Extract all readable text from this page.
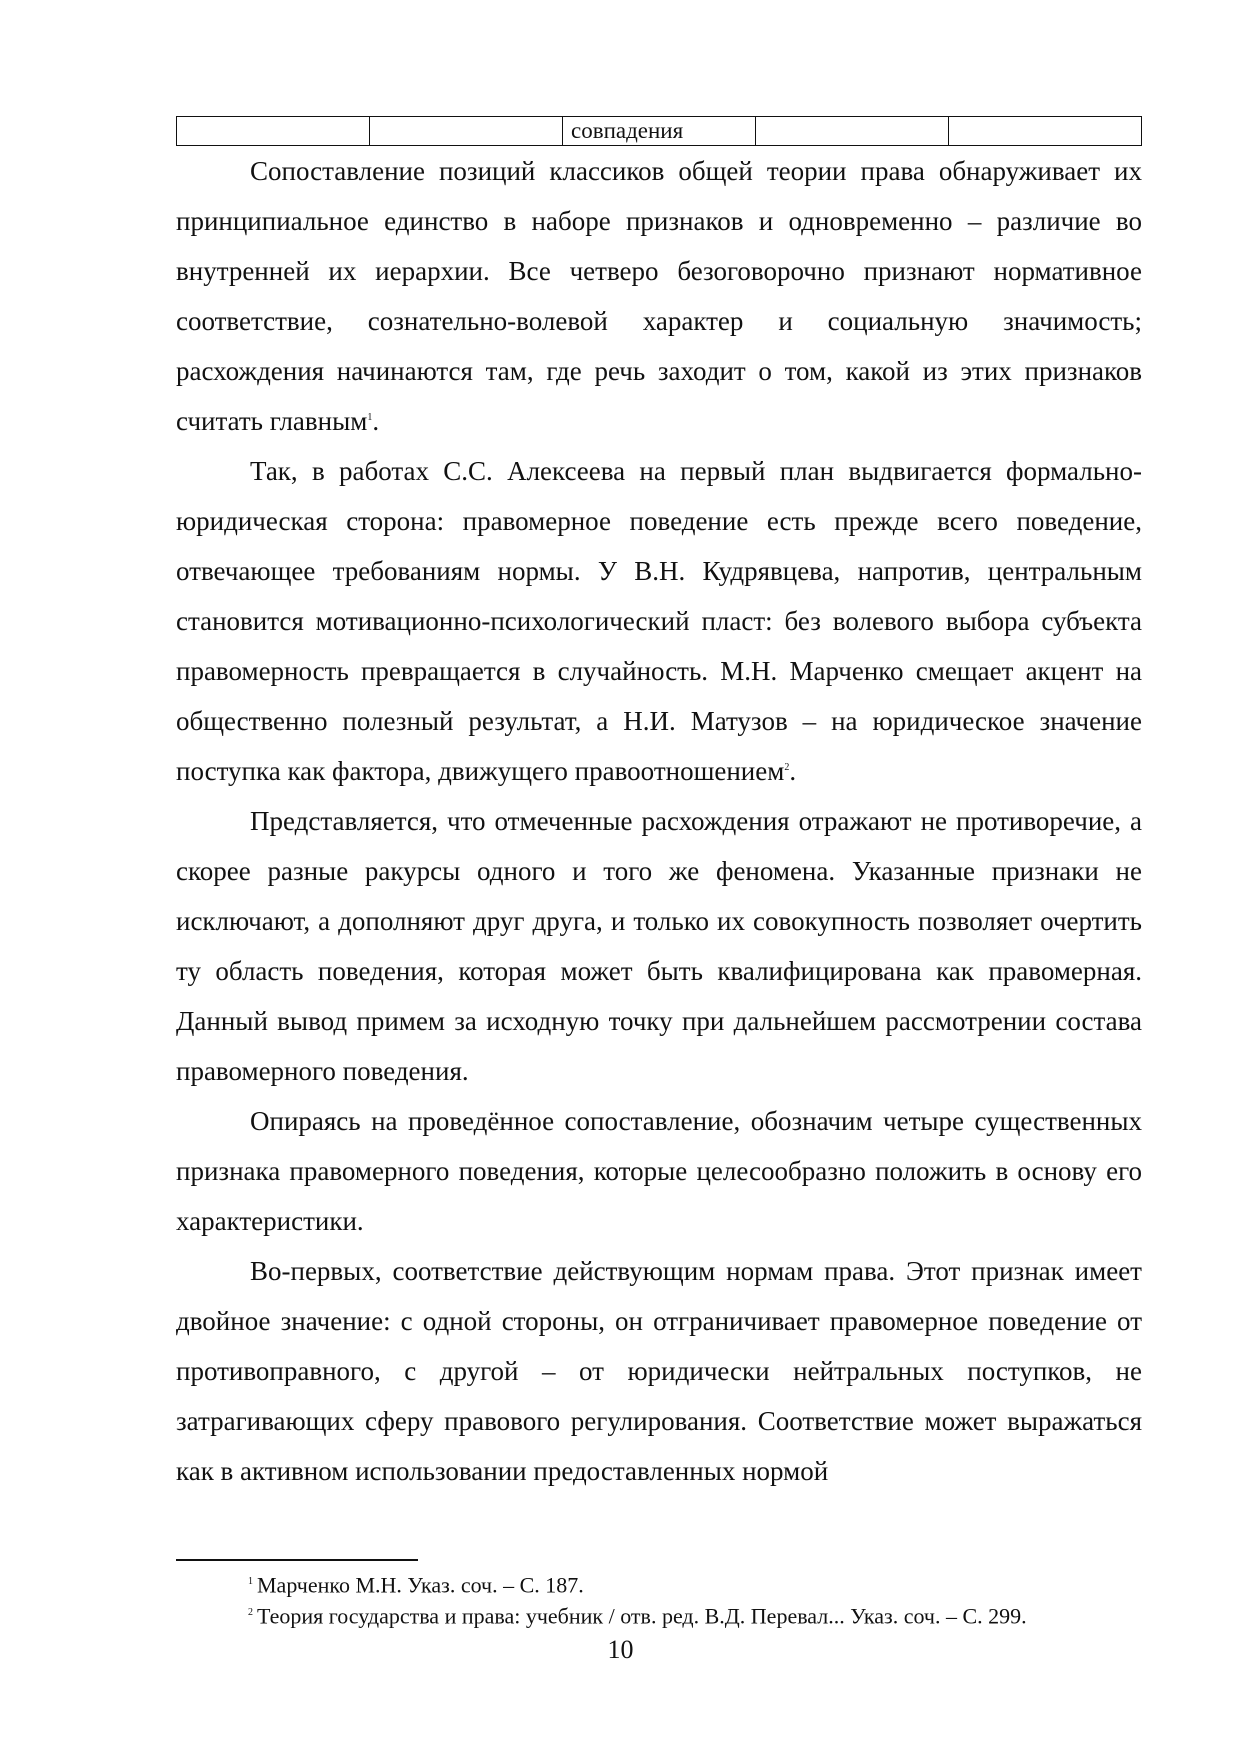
		совпадения		

Сопоставление позиций классиков общей теории права обнаруживает их принципиальное единство в наборе признаков и одновременно – различие во внутренней их иерархии. Все четверо безоговорочно признают нормативное соответствие, сознательно-волевой характер и социальную значимость; расхождения начинаются там, где речь заходит о том, какой из этих признаков считать главным$^1$.

Так, в работах С.С. Алексеева на первый план выдвигается формально-юридическая сторона: правомерное поведение есть прежде всего поведение, отвечающее требованиям нормы. У В.Н. Кудрявцева, напротив, центральным становится мотивационно-психологический пласт: без волевого выбора субъекта правомерность превращается в случайность. М.Н. Марченко смещает акцент на общественно полезный результат, а Н.И. Матузов – на юридическое значение поступка как фактора, движущего правоотношением$^2$.

Представляется, что отмеченные расхождения отражают не противоречие, а скорее разные ракурсы одного и того же феномена. Указанные признаки не исключают, а дополняют друг друга, и только их совокупность позволяет очертить ту область поведения, которая может быть квалифицирована как правомерная. Данный вывод примем за исходную точку при дальнейшем рассмотрении состава правомерного поведения.

Опираясь на проведённое сопоставление, обозначим четыре существенных признака правомерного поведения, которые целесообразно положить в основу его характеристики.

Во-первых, соответствие действующим нормам права. Этот признак имеет двойное значение: с одной стороны, он отграничивает правомерное поведение от противоправного, с другой – от юридически нейтральных поступков, не затрагивающих сферу правового регулирования. Соответствие может выражаться как в активном использовании предоставленных нормой

$^1$ Марченко М.Н. Указ. соч. – С. 187.
$^2$ Теория государства и права: учебник / отв. ред. В.Д. Перевал... Указ. соч. – С. 299.
10
